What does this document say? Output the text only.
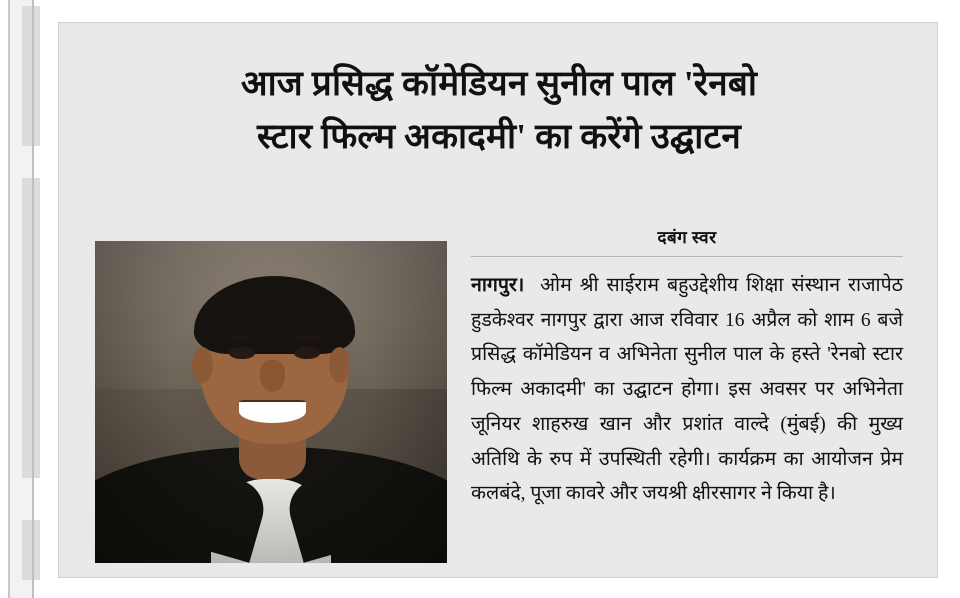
आज प्रसिद्ध कॉमेडियन सुनील पाल 'रेनबो
स्टार फिल्म अकादमी' का करेंगे उद्घाटन
दबंग स्वर

नागपुर। ओम श्री साईराम बहुउद्देशीय शिक्षा संस्थान राजापेठ हुडकेश्वर नागपुर द्वारा आज रविवार 16 अप्रैल को शाम 6 बजे प्रसिद्ध कॉमेडियन व अभिनेता सुनील पाल के हस्ते 'रेनबो स्टार फिल्म अकादमी' का उद्घाटन होगा। इस अवसर पर अभिनेता जूनियर शाहरुख खान और प्रशांत वाल्दे (मुंबई) की मुख्य अतिथि के रुप में उपस्थिती रहेगी। कार्यक्रम का आयोजन प्रेम कलबंदे, पूजा कावरे और जयश्री क्षीरसागर ने किया है।
